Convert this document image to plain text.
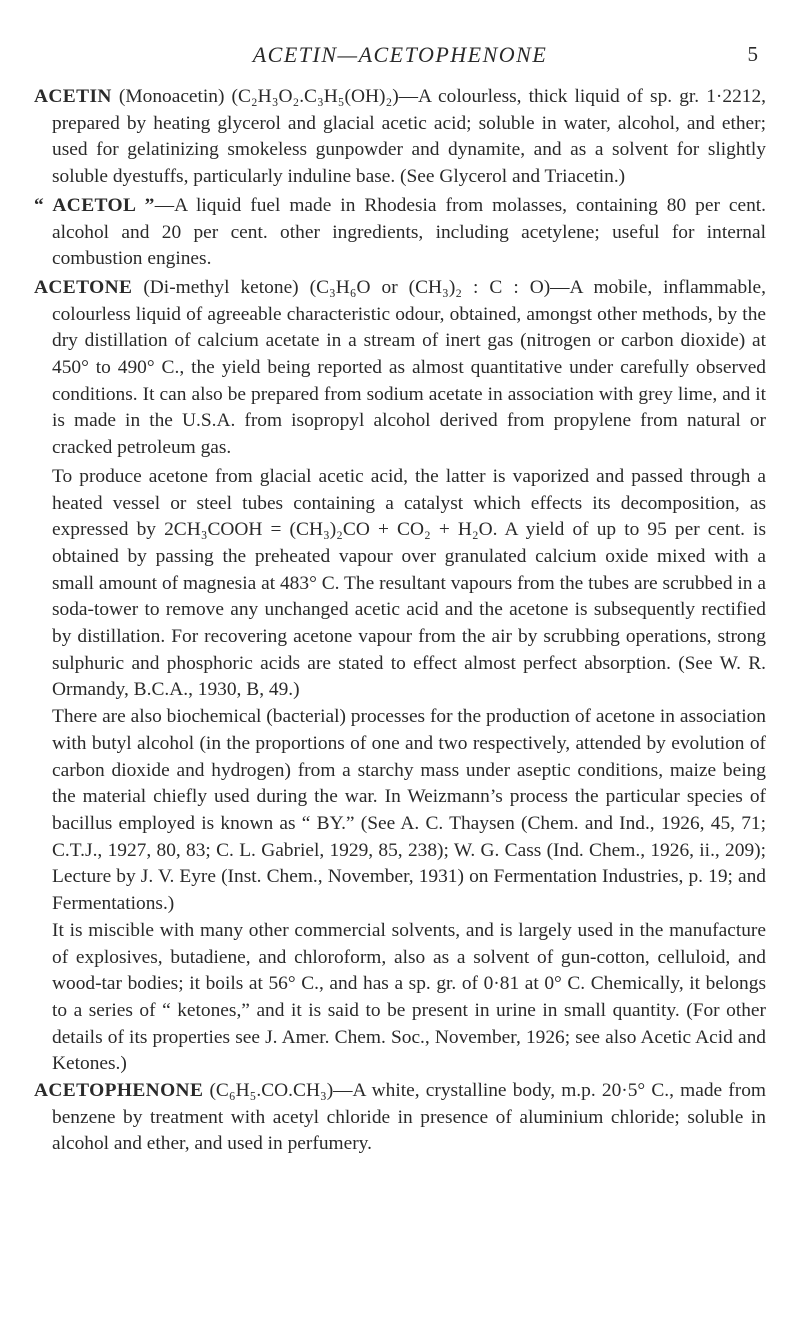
ACETIN—ACETOPHENONE	5

ACETIN (Monoacetin) (C₂H₃O₂.C₃H₅(OH)₂)—A colourless, thick liquid of sp. gr. 1·2212, prepared by heating glycerol and glacial acetic acid; soluble in water, alcohol, and ether; used for gelatinizing smokeless gunpowder and dynamite, and as a solvent for slightly soluble dyestuffs, particularly induline base. (See Glycerol and Triacetin.)

“ ACETOL ”—A liquid fuel made in Rhodesia from molasses, containing 80 per cent. alcohol and 20 per cent. other ingredients, including acetylene; useful for internal combustion engines.

ACETONE (Di-methyl ketone) (C₃H₆O or (CH₃)₂ : C : O)—A mobile, inflammable, colourless liquid of agreeable characteristic odour, obtained, amongst other methods, by the dry distillation of calcium acetate in a stream of inert gas (nitrogen or carbon dioxide) at 450° to 490° C., the yield being reported as almost quantitative under carefully observed conditions. It can also be prepared from sodium acetate in association with grey lime, and it is made in the U.S.A. from isopropyl alcohol derived from propylene from natural or cracked petroleum gas.

To produce acetone from glacial acetic acid, the latter is vaporized and passed through a heated vessel or steel tubes containing a catalyst which effects its decomposition, as expressed by 2CH₃COOH = (CH₃)₂CO + CO₂ + H₂O. A yield of up to 95 per cent. is obtained by passing the preheated vapour over granulated calcium oxide mixed with a small amount of magnesia at 483° C. The resultant vapours from the tubes are scrubbed in a soda-tower to remove any unchanged acetic acid and the acetone is subsequently rectified by distillation. For recovering acetone vapour from the air by scrubbing operations, strong sulphuric and phosphoric acids are stated to effect almost perfect absorption. (See W. R. Ormandy, B.C.A., 1930, B, 49.)

There are also biochemical (bacterial) processes for the production of acetone in association with butyl alcohol (in the proportions of one and two respectively, attended by evolution of carbon dioxide and hydrogen) from a starchy mass under aseptic conditions, maize being the material chiefly used during the war. In Weizmann’s process the particular species of bacillus employed is known as “ BY.” (See A. C. Thaysen (Chem. and Ind., 1926, 45, 71; C.T.J., 1927, 80, 83; C. L. Gabriel, 1929, 85, 238); W. G. Cass (Ind. Chem., 1926, ii., 209); Lecture by J. V. Eyre (Inst. Chem., November, 1931) on Fermentation Industries, p. 19; and Fermentations.)

It is miscible with many other commercial solvents, and is largely used in the manufacture of explosives, butadiene, and chloroform, also as a solvent of gun-cotton, celluloid, and wood-tar bodies; it boils at 56° C., and has a sp. gr. of 0·81 at 0° C. Chemically, it belongs to a series of “ ketones,” and it is said to be present in urine in small quantity. (For other details of its properties see J. Amer. Chem. Soc., November, 1926; see also Acetic Acid and Ketones.)

ACETOPHENONE (C₆H₅.CO.CH₃)—A white, crystalline body, m.p. 20·5° C., made from benzene by treatment with acetyl chloride in presence of aluminium chloride; soluble in alcohol and ether, and used in perfumery.
